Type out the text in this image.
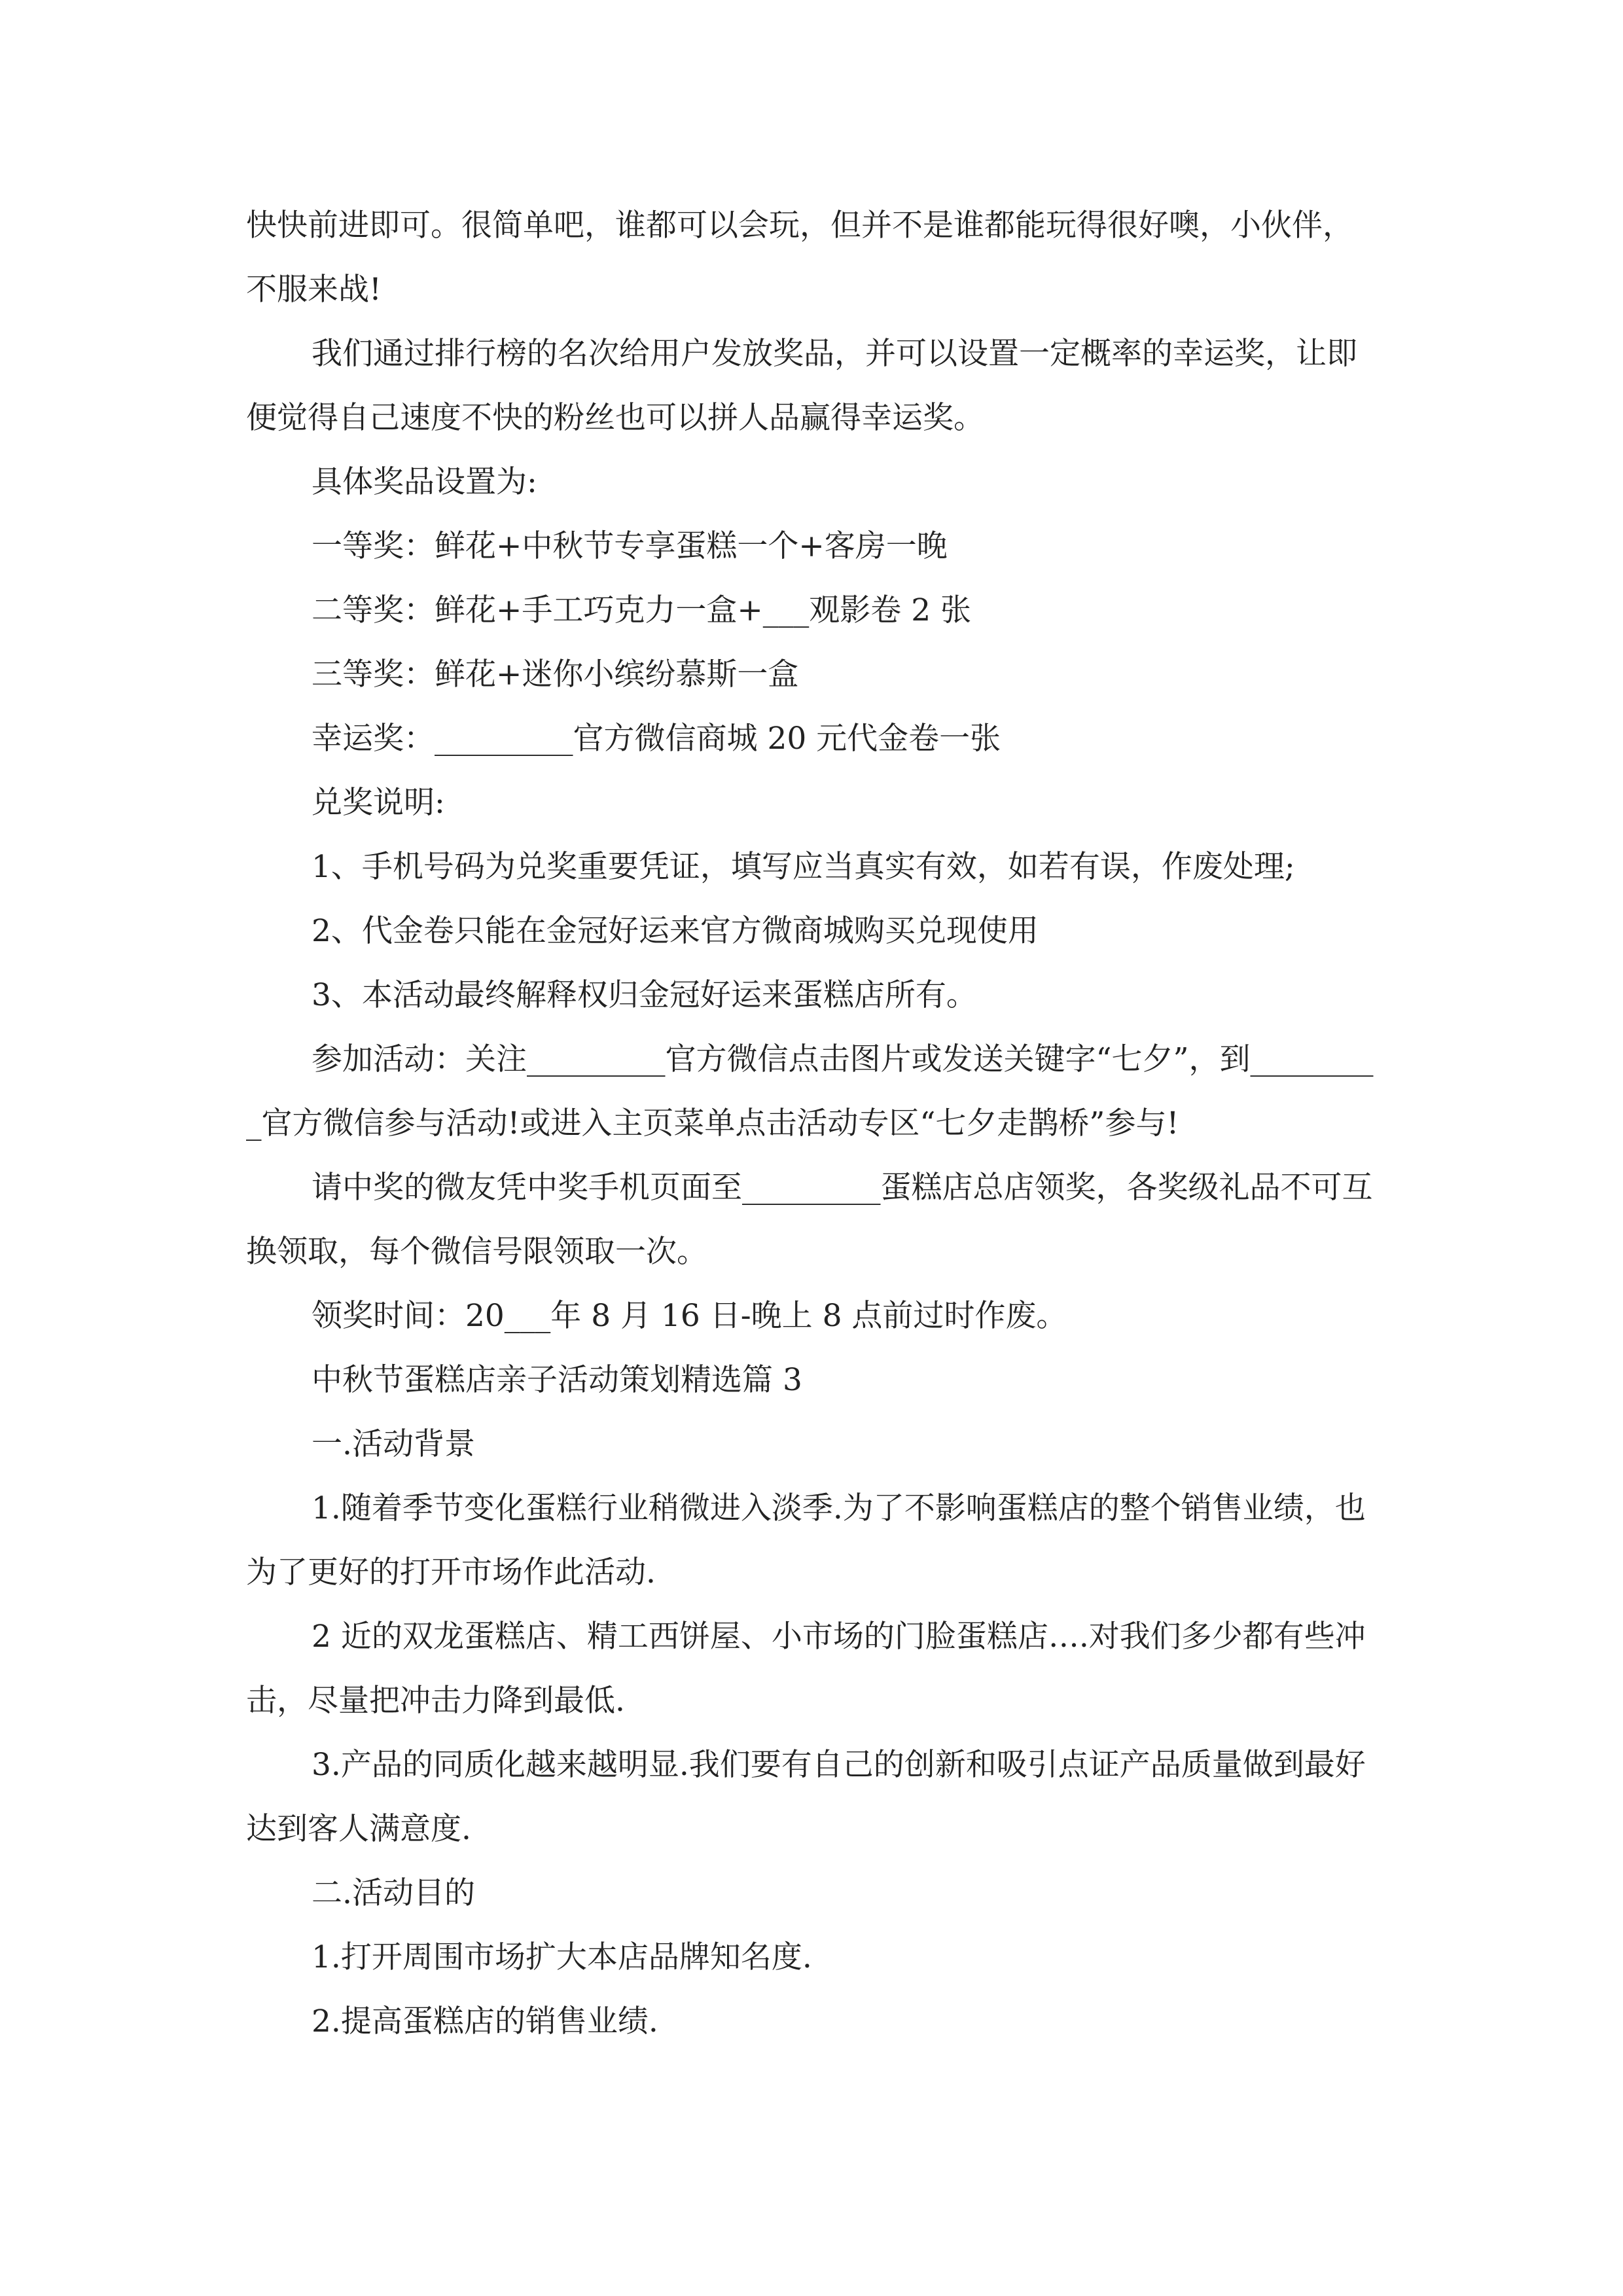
快快前进即可。很简单吧，谁都可以会玩，但并不是谁都能玩得很好噢，小伙伴，不服来战!

我们通过排行榜的名次给用户发放奖品，并可以设置一定概率的幸运奖，让即便觉得自己速度不快的粉丝也可以拼人品赢得幸运奖。

具体奖品设置为:

一等奖：鲜花+中秋节专享蛋糕一个+客房一晚

二等奖：鲜花+手工巧克力一盒+___观影卷 2 张

三等奖：鲜花+迷你小缤纷慕斯一盒

幸运奖：_________官方微信商城 20 元代金卷一张

兑奖说明:

1、手机号码为兑奖重要凭证，填写应当真实有效，如若有误，作废处理;

2、代金卷只能在金冠好运来官方微商城购买兑现使用

3、本活动最终解释权归金冠好运来蛋糕店所有。

参加活动：关注_________官方微信点击图片或发送关键字“七夕”，到_________官方微信参与活动!或进入主页菜单点击活动专区“七夕走鹊桥”参与!

请中奖的微友凭中奖手机页面至_________蛋糕店总店领奖，各奖级礼品不可互换领取，每个微信号限领取一次。

领奖时间：20___年 8 月 16 日-晚上 8 点前过时作废。

中秋节蛋糕店亲子活动策划精选篇 3

一.活动背景

1.随着季节变化蛋糕行业稍微进入淡季.为了不影响蛋糕店的整个销售业绩，也为了更好的打开市场作此活动.

2 近的双龙蛋糕店、精工西饼屋、小市场的门脸蛋糕店….对我们多少都有些冲击，尽量把冲击力降到最低.

3.产品的同质化越来越明显.我们要有自己的创新和吸引点证产品质量做到最好达到客人满意度.

二.活动目的

1.打开周围市场扩大本店品牌知名度.

2.提高蛋糕店的销售业绩.
